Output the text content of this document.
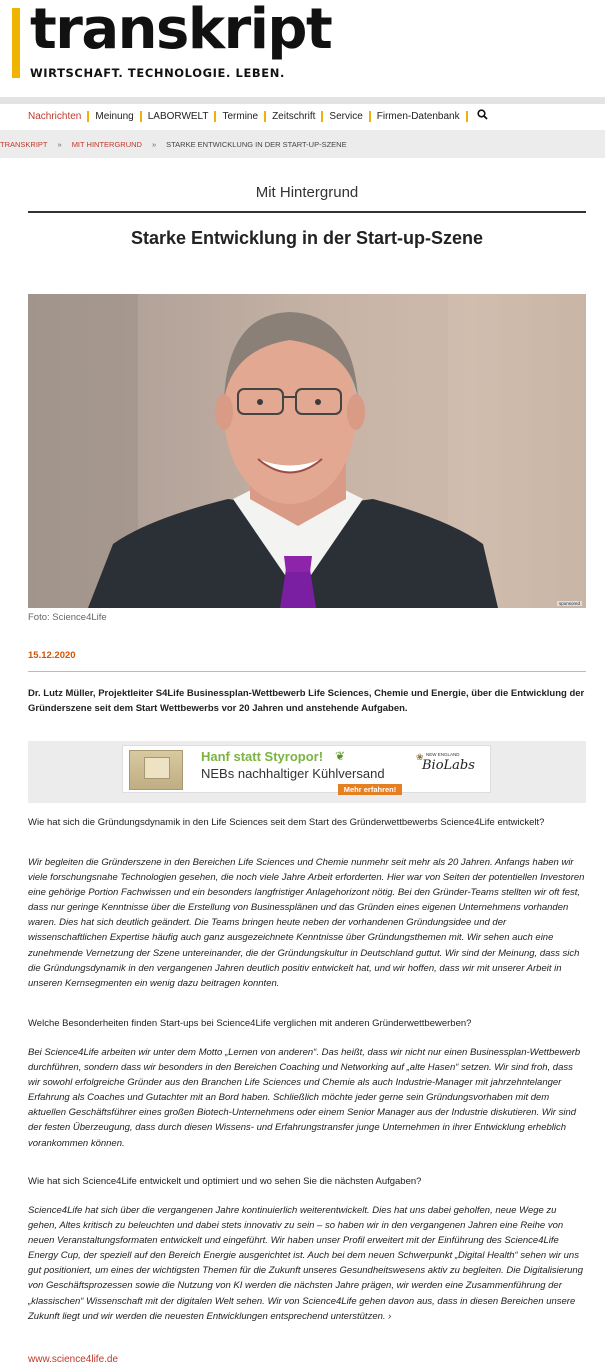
transkript
WIRTSCHAFT. TECHNOLOGIE. LEBEN.
Nachrichten	Meinung	LABORWELT	Termine	Zeitschrift	Service	Firmen-Datenbank
TRANSKRIPT » MIT HINTERGRUND » STARKE ENTWICKLUNG IN DER START-UP-SZENE
Mit Hintergrund
Starke Entwicklung in der Start-up-Szene
sponsored
Foto: Science4Life
15.12.2020

Dr. Lutz Müller, Projektleiter S4Life Businessplan-Wettbewerb Life Sciences, Chemie und Energie, über die Entwicklung der Gründerszene seit dem Start Wettbewerbs vor 20 Jahren und anstehende Aufgaben.

Hanf statt Styropor! ❦
NEBs nachhaltiger Kühlversand
Mehr erfahren!
❀ NEW ENGLAND
BioLabs

Wie hat sich die Gründungsdynamik in den Life Sciences seit dem Start des Gründerwettbewerbs Science4Life entwickelt?

Wir begleiten die Gründerszene in den Bereichen Life Sciences und Chemie nunmehr seit mehr als 20 Jahren. Anfangs haben wir viele forschungsnahe Technologien gesehen, die noch viele Jahre Arbeit erforderten. Hier war von Seiten der potentiellen Investoren eine gehörige Portion Fachwissen und ein besonders langfristiger Anlagehorizont nötig. Bei den Gründer-Teams stellten wir oft fest, dass nur geringe Kenntnisse über die Erstellung von Businessplänen und das Gründen eines eigenen Unternehmens vorhanden waren. Dies hat sich deutlich geändert. Die Teams bringen heute neben der vorhandenen Gründungsidee und der wissenschaftlichen Expertise häufig auch ganz ausgezeichnete Kenntnisse über Gründungsthemen mit. Wir sehen auch eine zunehmende Vernetzung der Szene untereinander, die der Gründungskultur in Deutschland guttut. Wir sind der Meinung, dass sich die Gründungsdynamik in den vergangenen Jahren deutlich positiv entwickelt hat, und wir hoffen, dass wir mit unserer Arbeit in unseren Kernsegmenten ein wenig dazu beitragen konnten.

Welche Besonderheiten finden Start-ups bei Science4Life verglichen mit anderen Gründerwettbewerben?

Bei Science4Life arbeiten wir unter dem Motto „Lernen von anderen“. Das heißt, dass wir nicht nur einen Businessplan-Wettbewerb durchführen, sondern dass wir besonders in den Bereichen Coaching und Networking auf „alte Hasen“ setzen. Wir sind froh, dass wir sowohl erfolgreiche Gründer aus den Branchen Life Sciences und Chemie als auch Industrie-Manager mit jahrzehntelanger Erfahrung als Coaches und Gutachter mit an Bord haben. Schließlich möchte jeder gerne sein Gründungsvorhaben mit dem aktuellen Geschäftsführer eines großen Biotech-Unternehmens oder einem Senior Manager aus der Industrie diskutieren. Wir sind der festen Überzeugung, dass durch diesen Wissens- und Erfahrungstransfer junge Unternehmen in ihrer Entwicklung erheblich vorankommen können.

Wie hat sich Science4Life entwickelt und optimiert und wo sehen Sie die nächsten Aufgaben?

Science4Life hat sich über die vergangenen Jahre kontinuierlich weiterentwickelt. Dies hat uns dabei geholfen, neue Wege zu gehen, Altes kritisch zu beleuchten und dabei stets innovativ zu sein – so haben wir in den vergangenen Jahren eine Reihe von neuen Veranstaltungsformaten entwickelt und eingeführt. Wir haben unser Profil erweitert mit der Einführung des Science4Life Energy Cup, der speziell auf den Bereich Energie ausgerichtet ist. Auch bei dem neuen Schwerpunkt „Digital Health“ sehen wir uns gut positioniert, um eines der wichtigsten Themen für die Zukunft unseres Gesundheitswesens aktiv zu begleiten. Die Digitalisierung von Geschäftsprozessen sowie die Nutzung von KI werden die nächsten Jahre prägen, wir werden eine Zusammenführung der „klassischen“ Wissenschaft mit der digitalen Welt sehen. Wir von Science4Life gehen davon aus, dass in diesen Bereichen unsere Zukunft liegt und wir werden die neuesten Entwicklungen entsprechend unterstützen. ›

www.science4life.de
